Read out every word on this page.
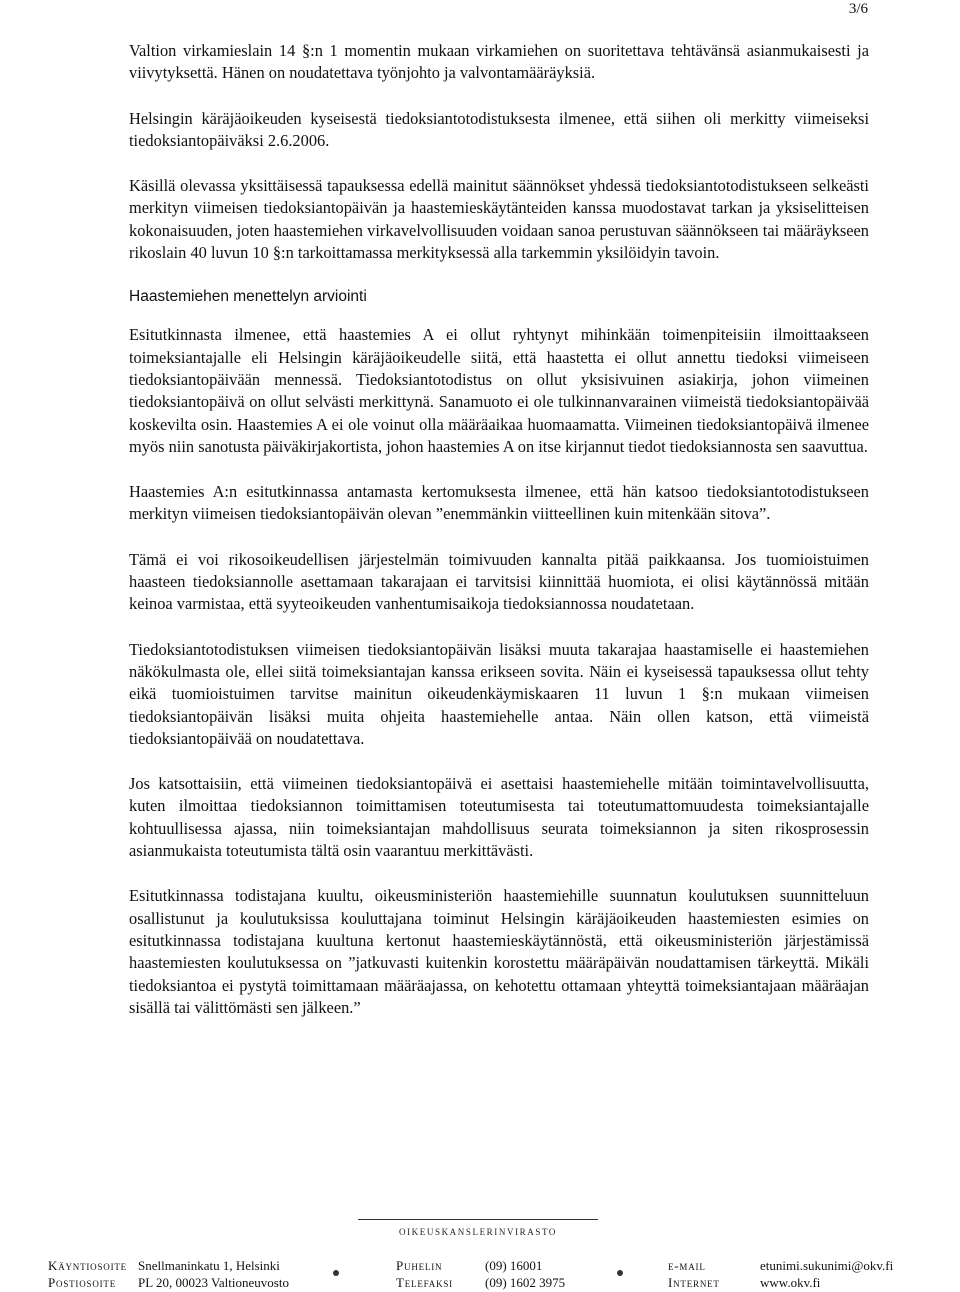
3/6

Valtion virkamieslain 14 §:n 1 momentin mukaan virkamiehen on suoritettava tehtävänsä asianmukaisesti ja viivytyksettä. Hänen on noudatettava työnjohto ja valvontamääräyksiä.

Helsingin käräjäoikeuden kyseisestä tiedoksiantotodistuksesta ilmenee, että siihen oli merkitty viimeiseksi tiedoksiantopäiväksi 2.6.2006.

Käsillä olevassa yksittäisessä tapauksessa edellä mainitut säännökset yhdessä tiedoksiantotodistukseen selkeästi merkityn viimeisen tiedoksiantopäivän ja haastemieskäytänteiden kanssa muodostavat tarkan ja yksiselitteisen kokonaisuuden, joten haastemiehen virkavelvollisuuden voidaan sanoa perustuvan säännökseen tai määräykseen rikoslain 40 luvun 10 §:n tarkoittamassa merkityksessä alla tarkemmin yksilöidyin tavoin.

Haastemiehen menettelyn arviointi

Esitutkinnasta ilmenee, että haastemies A ei ollut ryhtynyt mihinkään toimenpiteisiin ilmoittaakseen toimeksiantajalle eli Helsingin käräjäoikeudelle siitä, että haastetta ei ollut annettu tiedoksi viimeiseen tiedoksiantopäivään mennessä. Tiedoksiantotodistus on ollut yksisivuinen asiakirja, johon viimeinen tiedoksiantopäivä on ollut selvästi merkittynä. Sanamuoto ei ole tulkinnanvarainen viimeistä tiedoksiantopäivää koskevilta osin. Haastemies A ei ole voinut olla määräaikaa huomaamatta. Viimeinen tiedoksiantopäivä ilmenee myös niin sanotusta päiväkirjakortista, johon haastemies A on itse kirjannut tiedot tiedoksiannosta sen saavuttua.

Haastemies A:n esitutkinnassa antamasta kertomuksesta ilmenee, että hän katsoo tiedoksiantotodistukseen merkityn viimeisen tiedoksiantopäivän olevan ”enemmänkin viitteellinen kuin mitenkään sitova”.

Tämä ei voi rikosoikeudellisen järjestelmän toimivuuden kannalta pitää paikkaansa. Jos tuomioistuimen haasteen tiedoksiannolle asettamaan takarajaan ei tarvitsisi kiinnittää huomiota, ei olisi käytännössä mitään keinoa varmistaa, että syyteoikeuden vanhentumisaikoja tiedoksiannossa noudatetaan.

Tiedoksiantotodistuksen viimeisen tiedoksiantopäivän lisäksi muuta takarajaa haastamiselle ei haastemiehen näkökulmasta ole, ellei siitä toimeksiantajan kanssa erikseen sovita. Näin ei kyseisessä tapauksessa ollut tehty eikä tuomioistuimen tarvitse mainitun oikeudenkäymiskaaren 11 luvun 1 §:n mukaan viimeisen tiedoksiantopäivän lisäksi muita ohjeita haastemiehelle antaa. Näin ollen katson, että viimeistä tiedoksiantopäivää on noudatettava.

Jos katsottaisiin, että viimeinen tiedoksiantopäivä ei asettaisi haastemiehelle mitään toimintavelvollisuutta, kuten ilmoittaa tiedoksiannon toimittamisen toteutumisesta tai toteutumattomuudesta toimeksiantajalle kohtuullisessa ajassa, niin toimeksiantajan mahdollisuus seurata toimeksiannon ja siten rikosprosessin asianmukaista toteutumista tältä osin vaarantuu merkittävästi.

Esitutkinnassa todistajana kuultu, oikeusministeriön haastemiehille suunnatun koulutuksen suunnitteluun osallistunut ja koulutuksissa kouluttajana toiminut Helsingin käräjäoikeuden haastemiesten esimies on esitutkinnassa todistajana kuultuna kertonut haastemieskäytännöstä, että oikeusministeriön järjestämissä haastemiesten koulutuksessa on ”jatkuvasti kuitenkin korostettu määräpäivän noudattamisen tärkeyttä. Mikäli tiedoksiantoa ei pystytä toimittamaan määräajassa, on kehotettu ottamaan yhteyttä toimeksiantajaan määräajan sisällä tai välittömästi sen jälkeen.”

oikeuskanslerinvirasto
Käyntiosoite Snellmaninkatu 1, Helsinki	Puhelin	(09) 16001	e-mail	etunimi.sukunimi@okv.fi
Postiosoite PL 20, 00023 Valtioneuvosto	Telefaksi (09) 1602 3975	Internet	www.okv.fi
